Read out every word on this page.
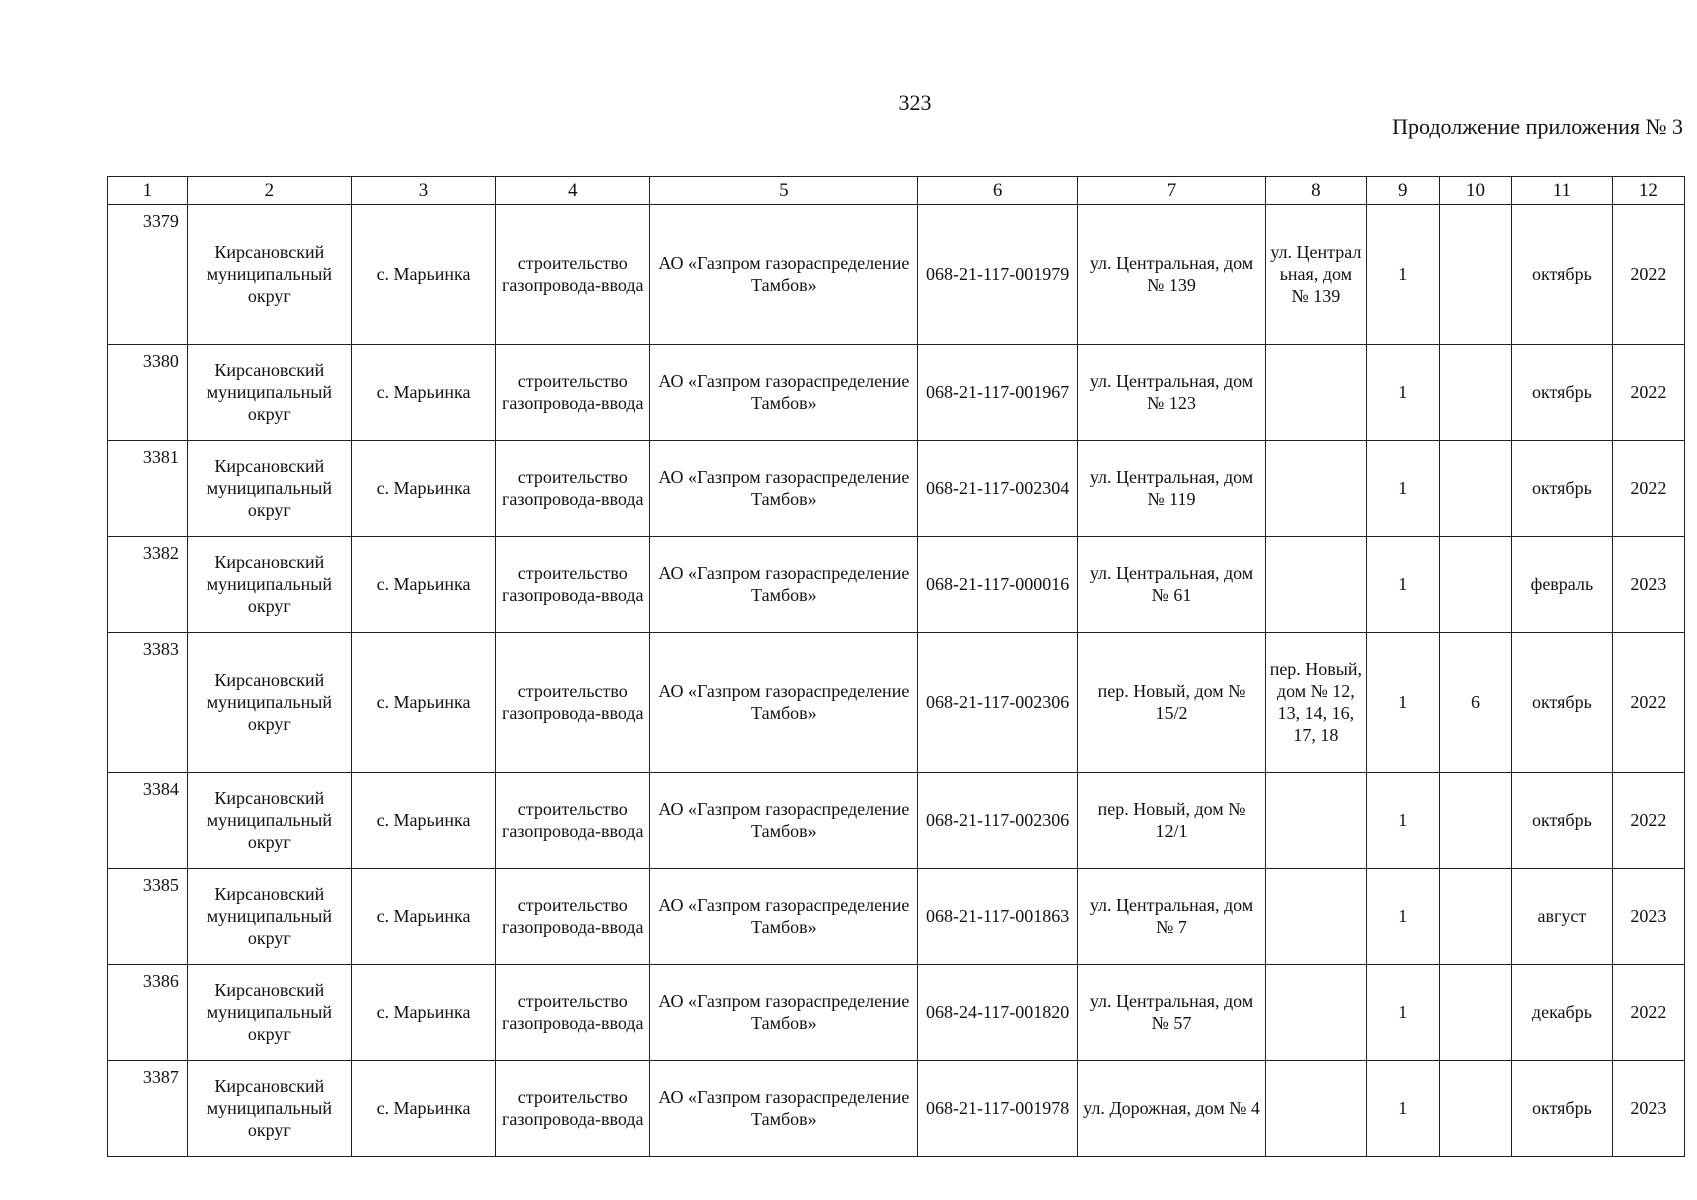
323
Продолжение приложения № 3
1	2	3	4	5	6	7	8	9	10	11	12
3379	Кирсановский муниципальный округ	с. Марьинка	строительство газопровода-ввода	АО «Газпром газораспределение Тамбов»	068-21-117-001979	ул. Центральная, дом № 139	ул. Централ ьная, дом № 139	1		октябрь	2022
3380	Кирсановский муниципальный округ	с. Марьинка	строительство газопровода-ввода	АО «Газпром газораспределение Тамбов»	068-21-117-001967	ул. Центральная, дом № 123		1		октябрь	2022
3381	Кирсановский муниципальный округ	с. Марьинка	строительство газопровода-ввода	АО «Газпром газораспределение Тамбов»	068-21-117-002304	ул. Центральная, дом № 119		1		октябрь	2022
3382	Кирсановский муниципальный округ	с. Марьинка	строительство газопровода-ввода	АО «Газпром газораспределение Тамбов»	068-21-117-000016	ул. Центральная, дом № 61		1		февраль	2023
3383	Кирсановский муниципальный округ	с. Марьинка	строительство газопровода-ввода	АО «Газпром газораспределение Тамбов»	068-21-117-002306	пер. Новый, дом № 15/2	пер. Новый, дом № 12, 13, 14, 16, 17, 18	1	6	октябрь	2022
3384	Кирсановский муниципальный округ	с. Марьинка	строительство газопровода-ввода	АО «Газпром газораспределение Тамбов»	068-21-117-002306	пер. Новый, дом № 12/1		1		октябрь	2022
3385	Кирсановский муниципальный округ	с. Марьинка	строительство газопровода-ввода	АО «Газпром газораспределение Тамбов»	068-21-117-001863	ул. Центральная, дом № 7		1		август	2023
3386	Кирсановский муниципальный округ	с. Марьинка	строительство газопровода-ввода	АО «Газпром газораспределение Тамбов»	068-24-117-001820	ул. Центральная, дом № 57		1		декабрь	2022
3387	Кирсановский муниципальный округ	с. Марьинка	строительство газопровода-ввода	АО «Газпром газораспределение Тамбов»	068-21-117-001978	ул. Дорожная, дом № 4		1		октябрь	2023
